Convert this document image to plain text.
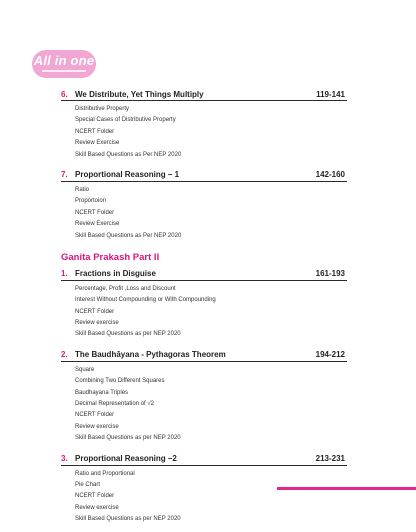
All in one
6. We Distribute, Yet Things Multiply	119-141
Distributive Property
Special Cases of Distributive Property
NCERT Folder
Review Exercise
Skill Based Questions as Per NEP 2020
7. Proportional Reasoning – 1	142-160
Ratio
Proportoion
NCERT Folder
Review Exercise
Skill Based Questions as Per NEP 2020
Ganita Prakash Part II
1. Fractions in Disguise	161-193
Percentage, Profit ,Loss and Discount
Interest Without Compounding or With Compounding
NCERT Folder
Review exercise
Skill Based Questions as per NEP 2020
2. The Baudhāyana - Pythagoras Theorem	194-212
Square
Combining Two Different Squares
Baudhayana Triples
Decimal Representation of √2
NCERT Folder
Review exercise
Skill Based Questions as per NEP 2020
3. Proportional Reasoning –2	213-231
Ratio and Proportional
Pie Chart
NCERT Folder
Review exercise
Skill Based Questions as per NEP 2020
